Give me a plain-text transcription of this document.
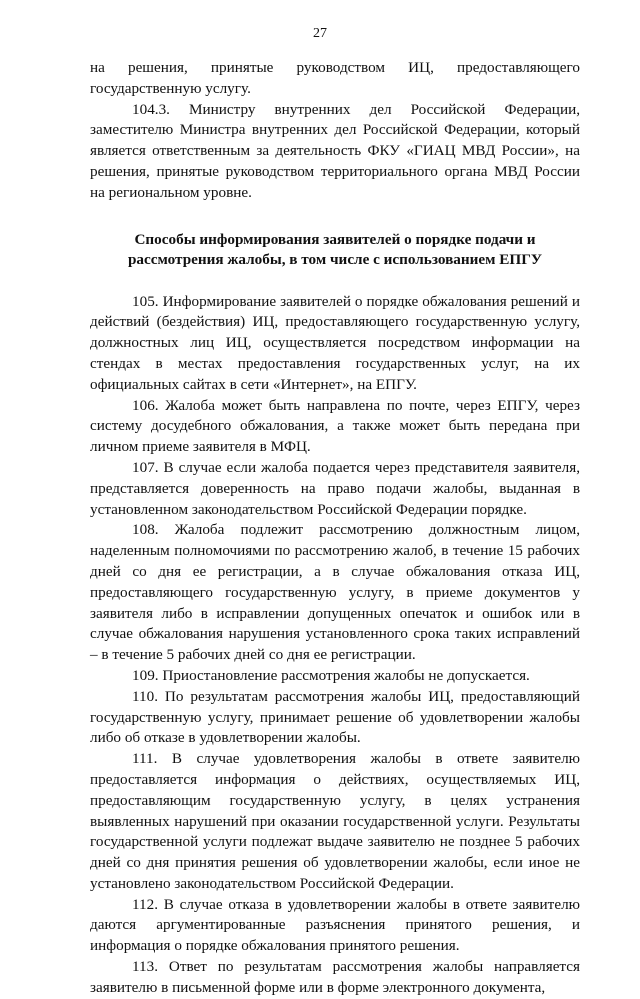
27

на решения, принятые руководством ИЦ, предоставляющего государственную услугу.

104.3. Министру внутренних дел Российской Федерации, заместителю Министра внутренних дел Российской Федерации, который является ответственным за деятельность ФКУ «ГИАЦ МВД России», на решения, принятые руководством территориального органа МВД России на региональном уровне.

Способы информирования заявителей о порядке подачи и рассмотрения жалобы, в том числе с использованием ЕПГУ

105. Информирование заявителей о порядке обжалования решений и действий (бездействия) ИЦ, предоставляющего государственную услугу, должностных лиц ИЦ, осуществляется посредством информации на стендах в местах предоставления государственных услуг, на их официальных сайтах в сети «Интернет», на ЕПГУ.

106. Жалоба может быть направлена по почте, через ЕПГУ, через систему досудебного обжалования, а также может быть передана при личном приеме заявителя в МФЦ.

107. В случае если жалоба подается через представителя заявителя, представляется доверенность на право подачи жалобы, выданная в установленном законодательством Российской Федерации порядке.

108. Жалоба подлежит рассмотрению должностным лицом, наделенным полномочиями по рассмотрению жалоб, в течение 15 рабочих дней со дня ее регистрации, а в случае обжалования отказа ИЦ, предоставляющего государственную услугу, в приеме документов у заявителя либо в исправлении допущенных опечаток и ошибок или в случае обжалования нарушения установленного срока таких исправлений – в течение 5 рабочих дней со дня ее регистрации.

109. Приостановление рассмотрения жалобы не допускается.

110. По результатам рассмотрения жалобы ИЦ, предоставляющий государственную услугу, принимает решение об удовлетворении жалобы либо об отказе в удовлетворении жалобы.

111. В случае удовлетворения жалобы в ответе заявителю предоставляется информация о действиях, осуществляемых ИЦ, предоставляющим государственную услугу, в целях устранения выявленных нарушений при оказании государственной услуги. Результаты государственной услуги подлежат выдаче заявителю не позднее 5 рабочих дней со дня принятия решения об удовлетворении жалобы, если иное не установлено законодательством Российской Федерации.

112. В случае отказа в удовлетворении жалобы в ответе заявителю даются аргументированные разъяснения принятого решения, и информация о порядке обжалования принятого решения.

113. Ответ по результатам рассмотрения жалобы направляется заявителю в письменной форме или в форме электронного документа,
